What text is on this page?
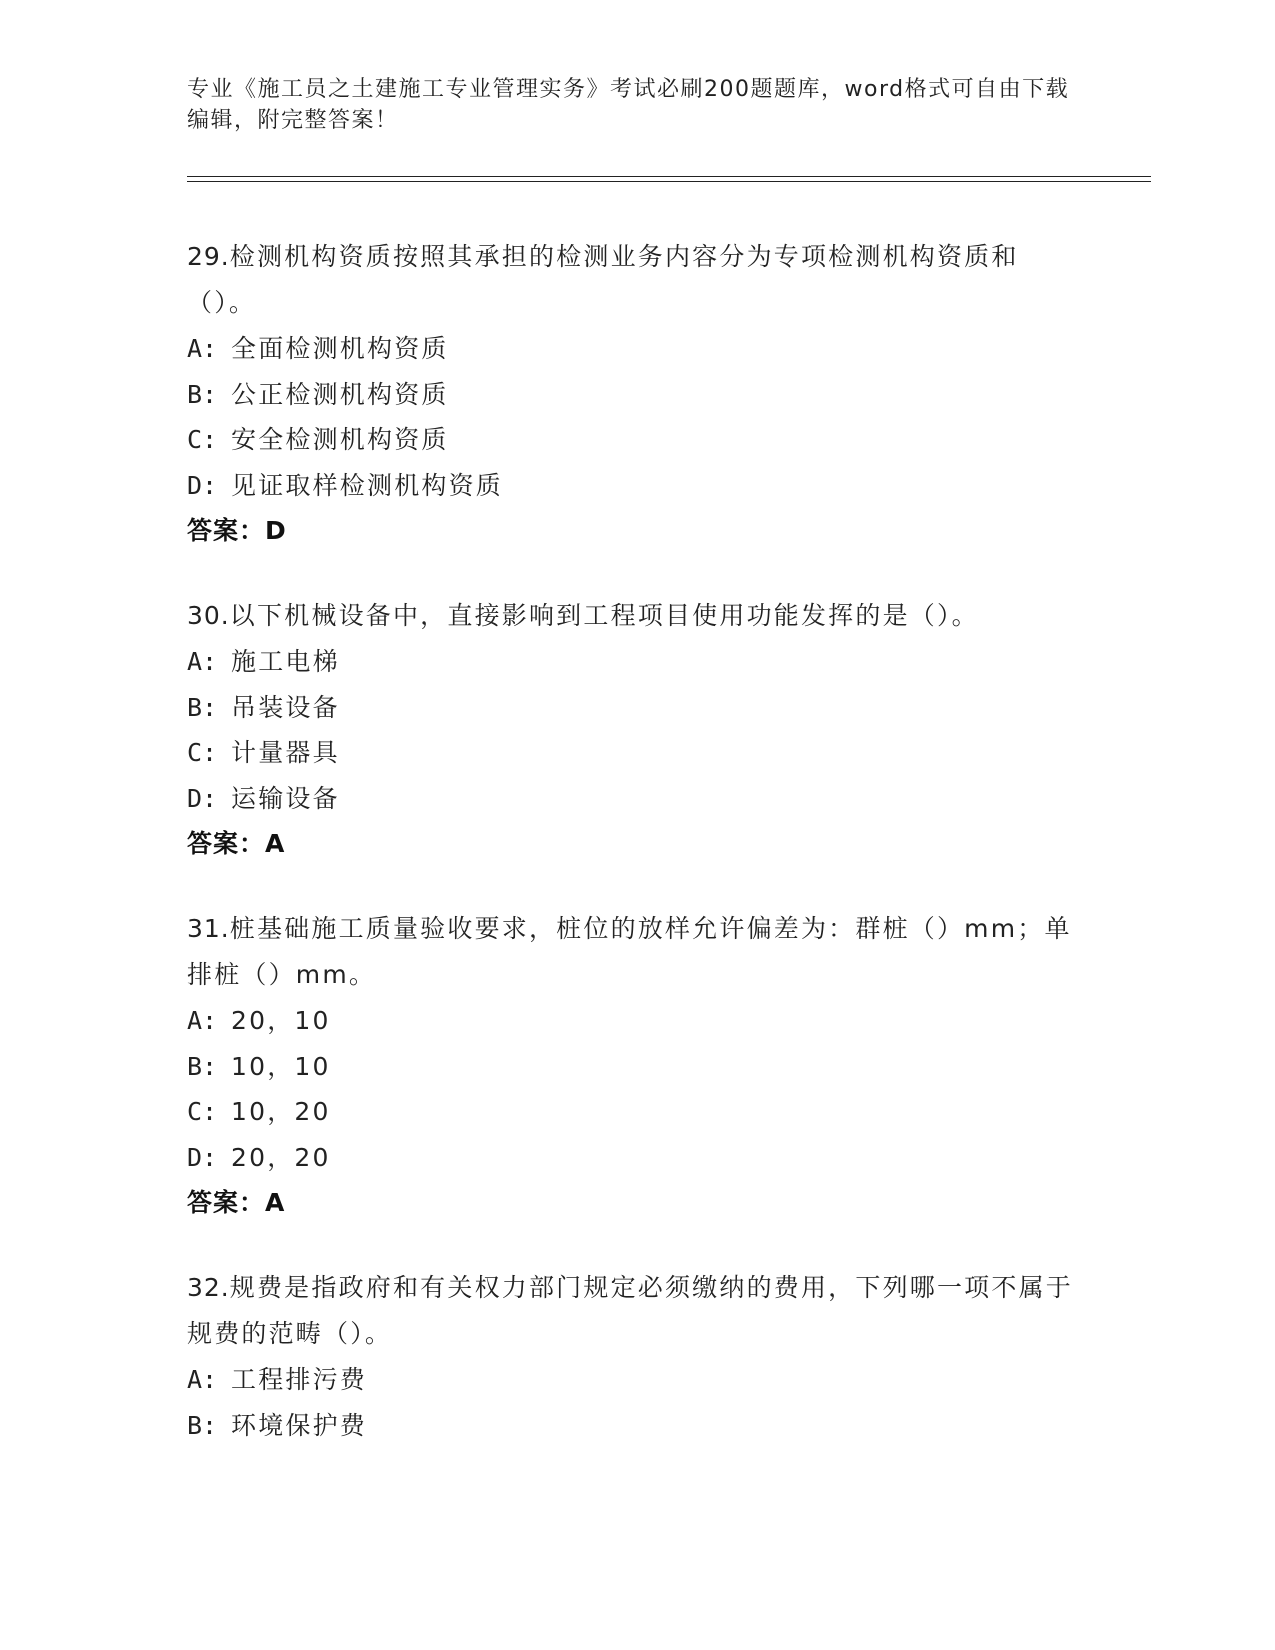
专业《施工员之土建施工专业管理实务》考试必刷200题题库，word格式可自由下载编辑，附完整答案！

29.检测机构资质按照其承担的检测业务内容分为专项检测机构资质和（）。

A: 全面检测机构资质
B: 公正检测机构资质
C: 安全检测机构资质
D: 见证取样检测机构资质
答案：D

30.以下机械设备中，直接影响到工程项目使用功能发挥的是（）。

A: 施工电梯
B: 吊装设备
C: 计量器具
D: 运输设备
答案：A

31.桩基础施工质量验收要求，桩位的放样允许偏差为：群桩（）mm；单排桩（）mm。

A: 20，10
B: 10，10
C: 10，20
D: 20，20
答案：A

32.规费是指政府和有关权力部门规定必须缴纳的费用，下列哪一项不属于规费的范畴（）。

A: 工程排污费
B: 环境保护费
